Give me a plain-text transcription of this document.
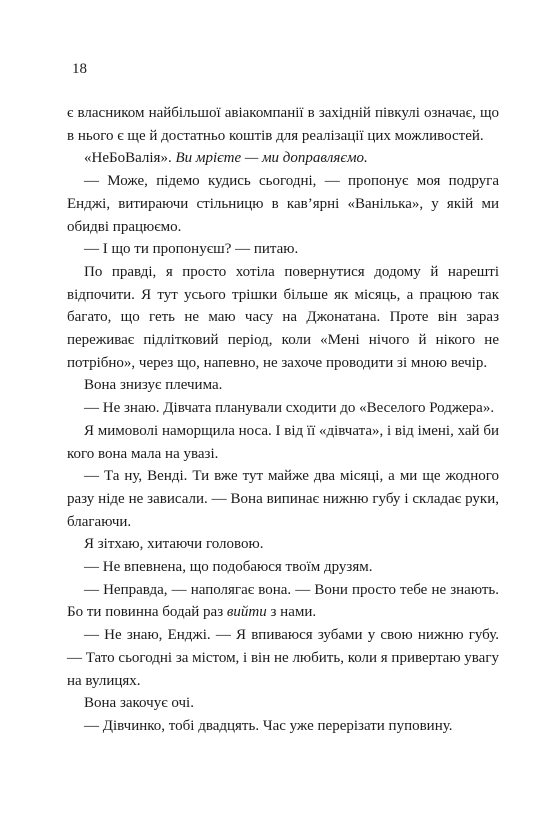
18

є власником найбільшої авіакомпанії в західній півкулі означає, що в нього є ще й достатньо коштів для реалізації цих можливостей.

«НеБоВалія». Ви мрієте — ми доправляємо.

— Може, підемо кудись сьогодні, — пропонує моя подруга Енджі, витираючи стільницю в кав’ярні «Ванілька», у якій ми обидві працюємо.

— І що ти пропонуєш? — питаю.

По правді, я просто хотіла повернутися додому й нарешті відпочити. Я тут усього трішки більше як місяць, а працюю так багато, що геть не маю часу на Джонатана. Проте він зараз переживає підлітковий період, коли «Мені нічого й нікого не потрібно», через що, напевно, не захоче проводити зі мною вечір.

Вона знизує плечима.

— Не знаю. Дівчата планували сходити до «Веселого Роджера».

Я мимоволі наморщила носа. І від її «дівчата», і від імені, хай би кого вона мала на увазі.

— Та ну, Венді. Ти вже тут майже два місяці, а ми ще жодного разу ніде не зависали. — Вона випинає нижню губу і складає руки, благаючи.

Я зітхаю, хитаючи головою.

— Не впевнена, що подобаюся твоїм друзям.

— Неправда, — наполягає вона. — Вони просто тебе не знають. Бо ти повинна бодай раз вийти з нами.

— Не знаю, Енджі. — Я впиваюся зубами у свою нижню губу. — Тато сьогодні за містом, і він не любить, коли я привертаю увагу на вулицях.

Вона закочує очі.

— Дівчинко, тобі двадцять. Час уже перерізати пуповину.
